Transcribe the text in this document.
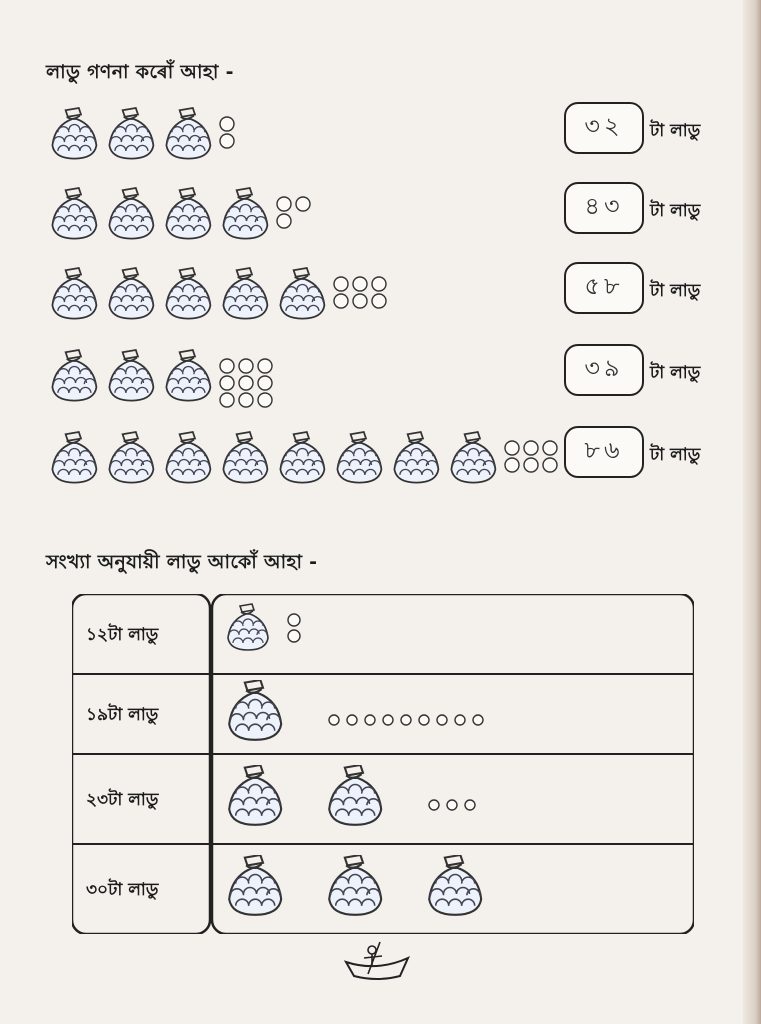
লাডু গণনা কৰোঁ আহা -
সংখ্যা অনুযায়ী লাডু আকোঁ আহা -
১২টা লাডু
১৯টা লাডু
২৩টা লাডু
৩০টা লাডু
৩২ টা লাডু
৪৩ টা লাডু
৫৮ টা লাডু
৩৯ টা লাডু
৮৬ টা লাডু
